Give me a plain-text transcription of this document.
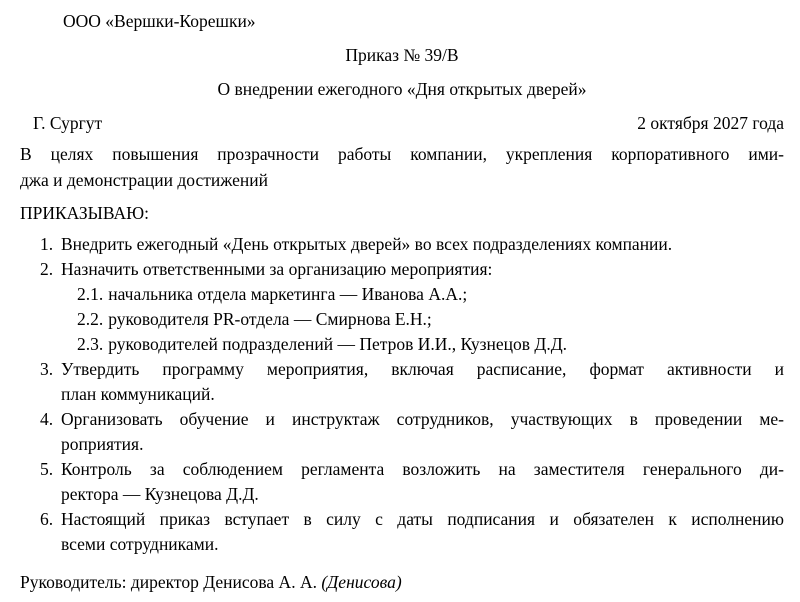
ООО «Вершки-Корешки»
Приказ № 39/В
О внедрении ежегодного «Дня открытых дверей»
Г. Сургут	2 октября 2027 года
В целях повышения прозрачности работы компании, укрепления корпоративного ими-
джа и демонстрации достижений
ПРИКАЗЫВАЮ:
1. Внедрить ежегодный «День открытых дверей» во всех подразделениях компании.
2. Назначить ответственными за организацию мероприятия:
2.1. начальника отдела маркетинга — Иванова А.А.;
2.2. руководителя PR-отдела — Смирнова Е.Н.;
2.3. руководителей подразделений — Петров И.И., Кузнецов Д.Д.
3. Утвердить программу мероприятия, включая расписание, формат активности и
план коммуникаций.
4. Организовать обучение и инструктаж сотрудников, участвующих в проведении ме-
роприятия.
5. Контроль за соблюдением регламента возложить на заместителя генерального ди-
ректора — Кузнецова Д.Д.
6. Настоящий приказ вступает в силу с даты подписания и обязателен к исполнению
всеми сотрудниками.
Руководитель: директор Денисова А. А. (Денисова)
